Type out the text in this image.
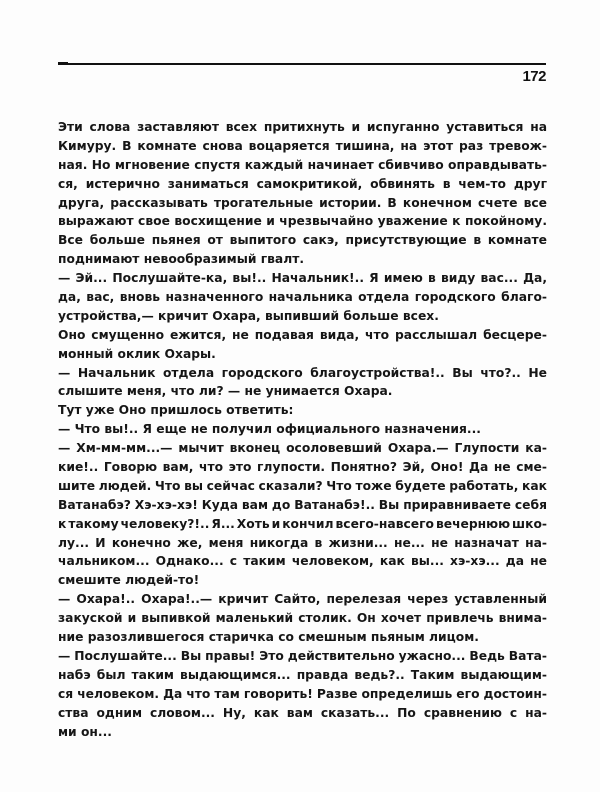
172
Эти слова заставляют всех притихнуть и испуганно уставиться на
Кимуру. В комнате снова воцаряется тишина, на этот раз тревож-
ная. Но мгновение спустя каждый начинает сбивчиво оправдывать-
ся, истерично заниматься самокритикой, обвинять в чем-то друг
друга, рассказывать трогательные истории. В конечном счете все
выражают свое восхищение и чрезвычайно уважение к покойному.
Все больше пьянея от выпитого сакэ, присутствующие в комнате
поднимают невообразимый гвалт.
— Эй... Послушайте-ка, вы!.. Начальник!.. Я имею в виду вас... Да,
да, вас, вновь назначенного начальника отдела городского благо-
устройства,— кричит Охара, выпивший больше всех.
Оно смущенно ежится, не подавая вида, что расслышал бесцере-
монный оклик Охары.
— Начальник отдела городского благоустройства!.. Вы что?.. Не
слышите меня, что ли? — не унимается Охара.
Тут уже Оно пришлось ответить:
— Что вы!.. Я еще не получил официального назначения...
— Хм-мм-мм...— мычит вконец осоловевший Охара.— Глупости ка-
кие!.. Говорю вам, что это глупости. Понятно? Эй, Оно! Да не сме-
шите людей. Что вы сейчас сказали? Что тоже будете работать, как
Ватанабэ? Хэ-хэ-хэ! Куда вам до Ватанабэ!.. Вы приравниваете себя
к такому человеку?!.. Я... Хоть и кончил всего-навсего вечернюю шко-
лу... И конечно же, меня никогда в жизни... не... не назначат на-
чальником... Однако... с таким человеком, как вы... хэ-хэ... да не
смешите людей-то!
— Охара!.. Охара!..— кричит Сайто, перелезая через уставленный
закуской и выпивкой маленький столик. Он хочет привлечь внима-
ние разозлившегося старичка со смешным пьяным лицом.
— Послушайте... Вы правы! Это действительно ужасно... Ведь Вата-
набэ был таким выдающимся... правда ведь?.. Таким выдающим-
ся человеком. Да что там говорить! Разве определишь его достоин-
ства одним словом... Ну, как вам сказать... По сравнению с на-
ми он...
